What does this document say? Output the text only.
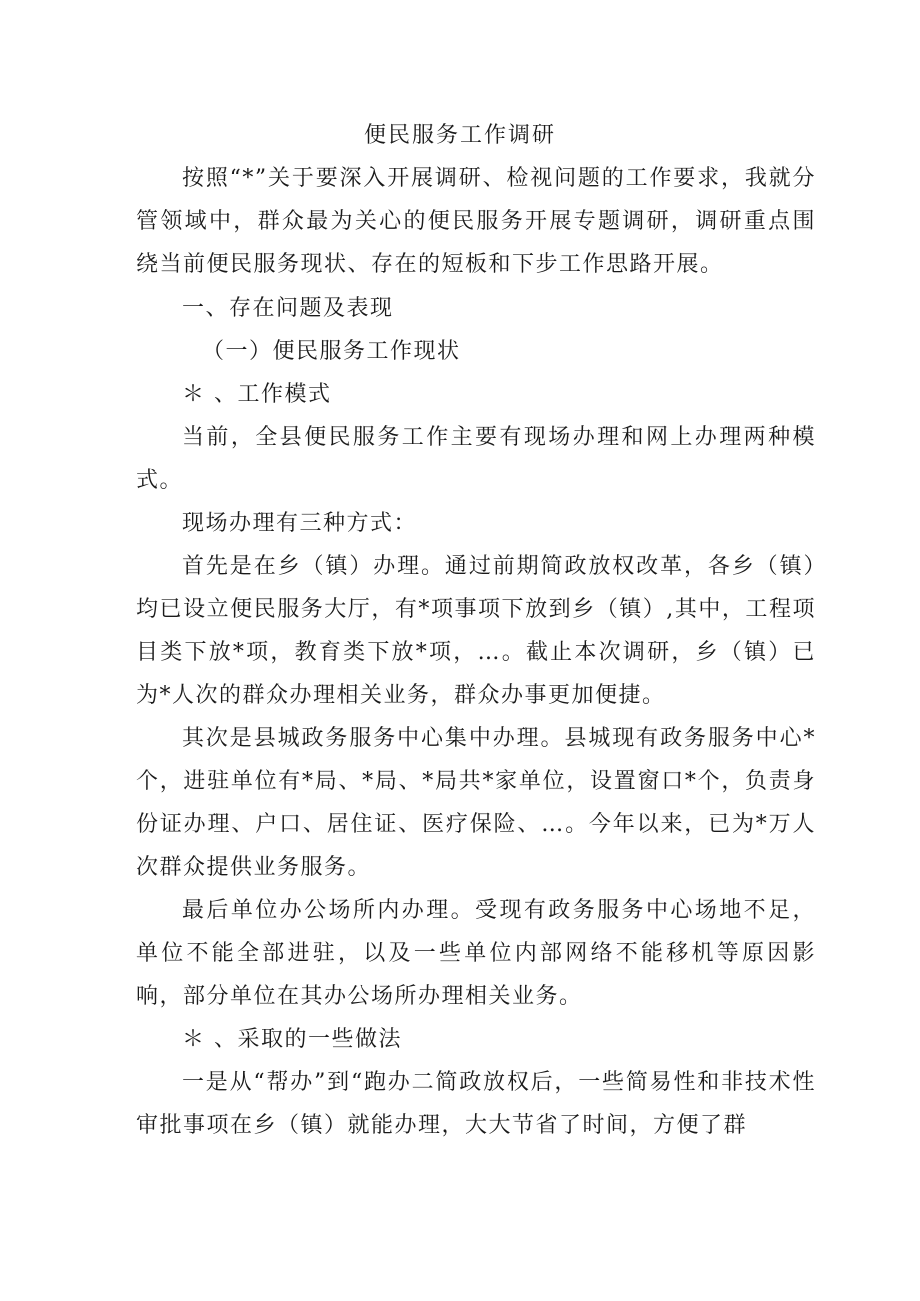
便民服务工作调研

按照“*”关于要深入开展调研、检视问题的工作要求，我就分管领域中，群众最为关心的便民服务开展专题调研，调研重点围绕当前便民服务现状、存在的短板和下步工作思路开展。

一、存在问题及表现

（一）便民服务工作现状

＊ 、工作模式

当前，全县便民服务工作主要有现场办理和网上办理两种模式。

现场办理有三种方式：

首先是在乡（镇）办理。通过前期简政放权改革，各乡（镇）均已设立便民服务大厅，有*项事项下放到乡（镇）,其中，工程项目类下放*项，教育类下放*项，…。截止本次调研，乡（镇）已为*人次的群众办理相关业务，群众办事更加便捷。

其次是县城政务服务中心集中办理。县城现有政务服务中心*个，进驻单位有*局、*局、*局共*家单位，设置窗口*个，负责身份证办理、户口、居住证、医疗保险、…。今年以来，已为*万人次群众提供业务服务。

最后单位办公场所内办理。受现有政务服务中心场地不足，单位不能全部进驻，以及一些单位内部网络不能移机等原因影响，部分单位在其办公场所办理相关业务。

＊ 、采取的一些做法

一是从“帮办”到“跑办二简政放权后，一些简易性和非技术性审批事项在乡（镇）就能办理，大大节省了时间，方便了群
